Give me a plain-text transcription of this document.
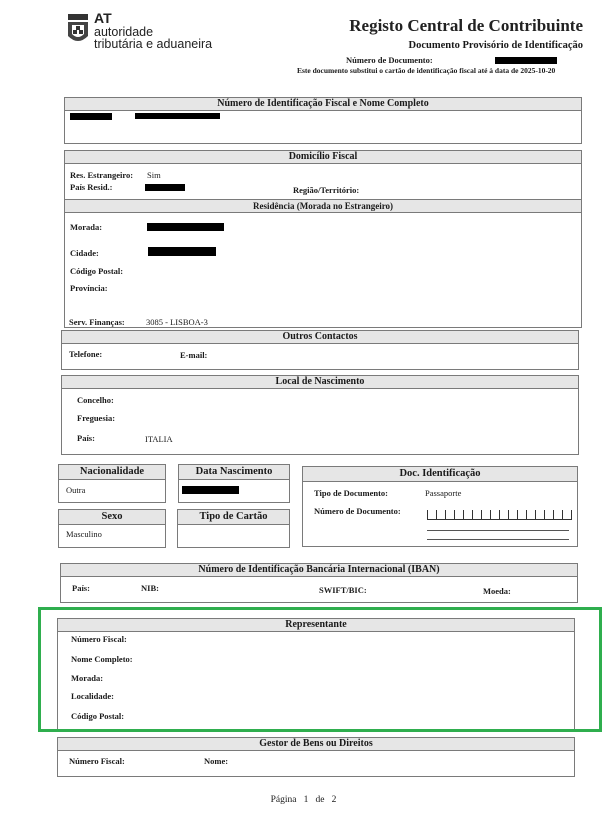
AT
autoridade
tributária e aduaneira
Registo Central de Contribuinte
Documento Provisório de Identificação
Número de Documento:
Este documento substitui o cartão de identificação fiscal até à data de 2025-10-20
Número de Identificação Fiscal e Nome Completo
Domicílio Fiscal
Res. Estrangeiro: Sim
País Resid.:	Região/Território:
Residência (Morada no Estrangeiro)
Morada:
Cidade:
Código Postal:
Província:
Serv. Finanças:	3085 - LISBOA-3
Outros Contactos
Telefone:	E-mail:
Local de Nascimento
Concelho:
Freguesia:
País:	ITALIA
Nacionalidade
Outra
Data Nascimento	Doc. Identificação
Tipo de Documento:	Passaporte
Número de Documento:
Sexo
Masculino
Tipo de Cartão
Número de Identificação Bancária Internacional (IBAN)
País:	NIB:	SWIFT/BIC:	Moeda:
Representante
Número Fiscal:
Nome Completo:
Morada:
Localidade:
Código Postal:
Gestor de Bens ou Direitos
Número Fiscal:	Nome:
Página 1 de 2
